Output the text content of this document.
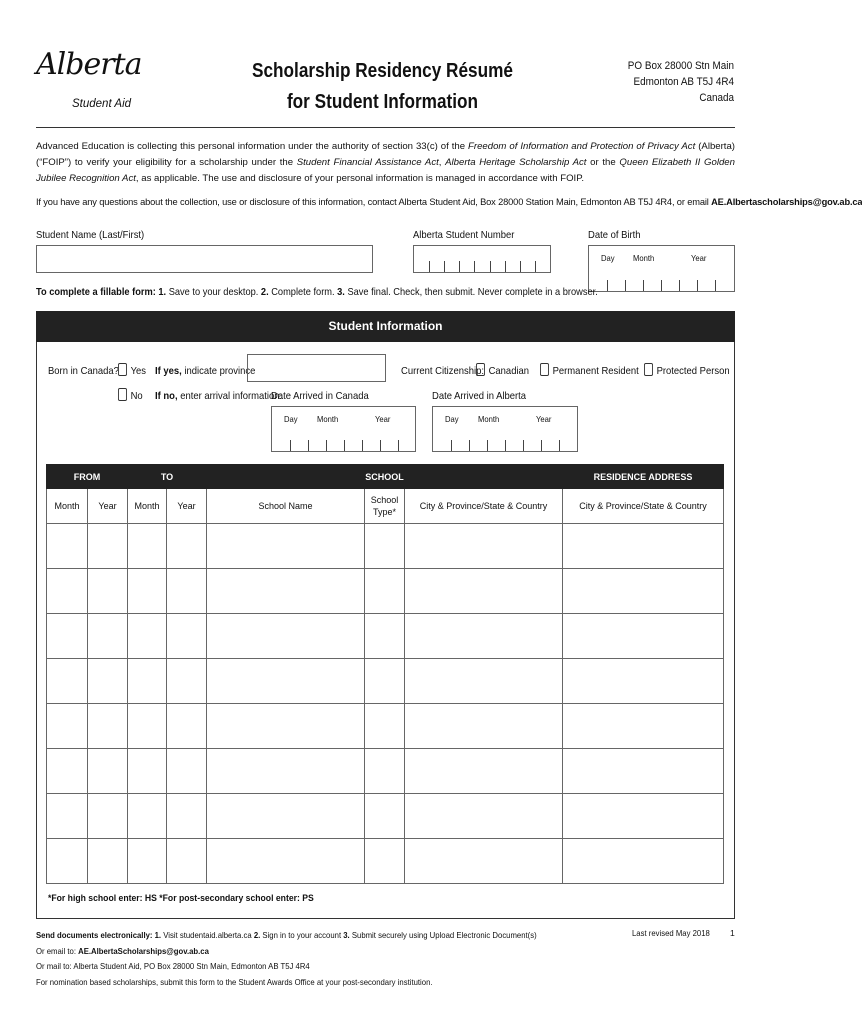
Alberta
Student Aid
Scholarship Residency Résumé
for Student Information
PO Box 28000 Stn Main
Edmonton AB T5J 4R4
Canada
Advanced Education is collecting this personal information under the authority of section 33(c) of the Freedom of Information and Protection of Privacy Act (Alberta) (“FOIP”) to verify your eligibility for a scholarship under the Student Financial Assistance Act, Alberta Heritage Scholarship Act or the Queen Elizabeth II Golden Jubilee Recognition Act, as applicable. The use and disclosure of your personal information is managed in accordance with FOIP.
If you have any questions about the collection, use or disclosure of this information, contact Alberta Student Aid, Box 28000 Station Main, Edmonton AB T5J 4R4, or email AE.Albertascholarships@gov.ab.ca
Student Name (Last/First)	Alberta Student Number	Date of Birth
Day Month	Year
To complete a fillable form: 1. Save to your desktop. 2. Complete form. 3. Save final. Check, then submit. Never complete in a browser.
Student Information
Born in Canada?	Yes If yes, indicate province
No If no, enter arrival information:
Date Arrived in Canada	Date Arrived in Alberta
Current Citizenship: Canadian	Permanent Resident	Protected Person
Day Month	Year	Day Month	Year
FROM		TO		SCHOOL			RESIDENCE ADDRESS
Month	Year	Month	Year	School Name	School
Type*	City & Province/State & Country	City & Province/State & Country

*For high school enter: HS *For post-secondary school enter: PS
Send documents electronically: 1. Visit studentaid.alberta.ca 2. Sign in to your account 3. Submit securely using Upload Electronic Document(s)
Or email to: AE.AlbertaScholarships@gov.ab.ca
Or mail to: Alberta Student Aid, PO Box 28000 Stn Main, Edmonton AB T5J 4R4
For nomination based scholarships, submit this form to the Student Awards Office at your post-secondary institution.
Last revised May 2018 1
